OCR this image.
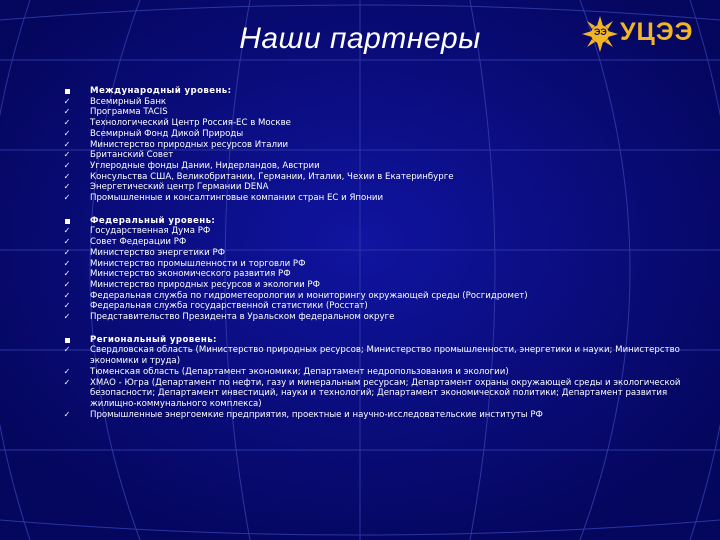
Наши партнеры	ЭЭ УЦЭЭ
Международный уровень:
✓ Всемирный Банк
✓ Программа TACIS
✓ Технологический Центр Россия-ЕС в Москве
✓ Всемирный Фонд Дикой Природы
✓ Министерство природных ресурсов Италии
✓ Британский Совет
✓ Углеродные фонды Дании, Нидерландов, Австрии
✓ Консульства США, Великобритании, Германии, Италии, Чехии в Екатеринбурге
✓ Энергетический центр Германии DENA
✓ Промышленные и консалтинговые компании стран ЕС и Японии
Федеральный уровень:
✓ Государственная Дума РФ
✓ Совет Федерации РФ
✓ Министерство энергетики РФ
✓ Министерство промышленности и торговли РФ
✓ Министерство экономического развития РФ
✓ Министерство природных ресурсов и экологии РФ
✓ Федеральная служба по гидрометеорологии и мониторингу окружающей среды (Росгидромет)
✓ Федеральная служба государственной статистики (Росстат)
✓ Представительство Президента в Уральском федеральном округе
Региональный уровень:
✓ Свердловская область (Министерство природных ресурсов; Министерство промышленности, энергетики и науки; Министерство экономики и труда)
✓ Тюменская область (Департамент экономики; Департамент недропользования и экологии)
✓ ХМАО - Югра (Департамент по нефти, газу и минеральным ресурсам; Департамент охраны окружающей среды и экологической безопасности; Департамент инвестиций, науки и технологий; Департамент экономической политики; Департамент развития жилищно-коммунального комплекса)
✓ Промышленные энергоемкие предприятия, проектные и научно-исследовательские институты РФ
